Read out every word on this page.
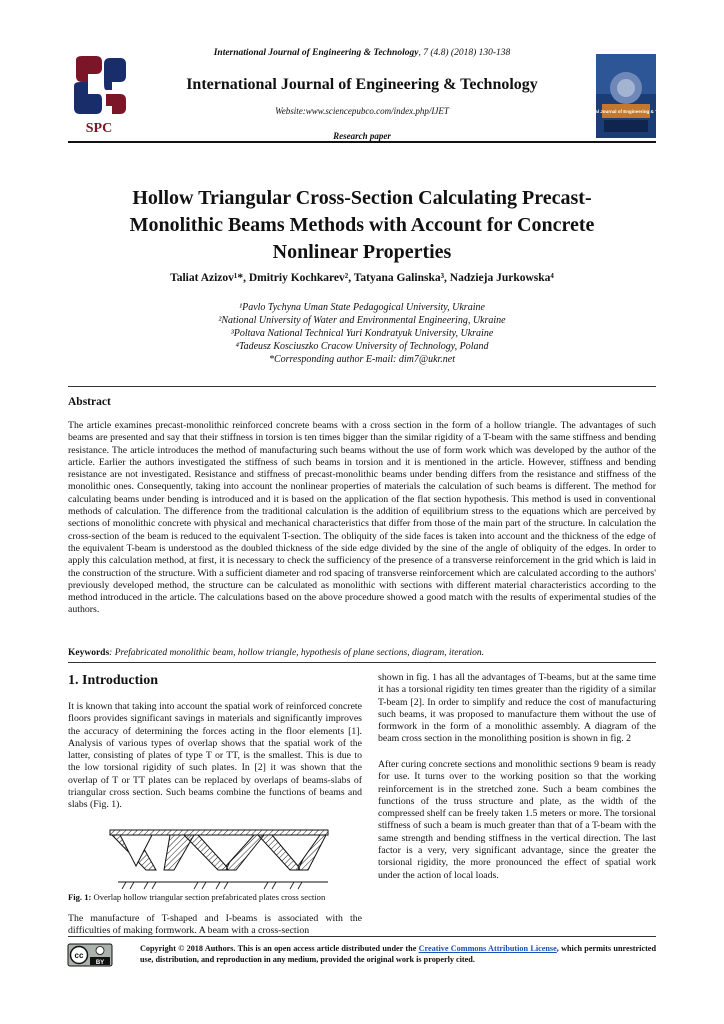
International Journal of Engineering & Technology, 7 (4.8) (2018) 130-138
SPC
International Journal of Engineering & Technology
Website:www.sciencepubco.com/index.php/IJET
Research paper
International Journal of Engineering & Technology
Hollow Triangular Cross-Section Calculating Precast-Monolithic Beams Methods with Account for Concrete Nonlinear Properties
Taliat Azizov¹*, Dmitriy Kochkarev², Tatyana Galinska³, Nadzieja Jurkowska⁴
¹Pavlo Tychyna Uman State Pedagogical University, Ukraine
²National University of Water and Environmental Engineering, Ukraine
³Poltava National Technical Yuri Kondratyuk University, Ukraine
⁴Tadeusz Kosciuszko Cracow University of Technology, Poland
*Corresponding author E-mail: dim7@ukr.net
Abstract
The article examines precast-monolithic reinforced concrete beams with a cross section in the form of a hollow triangle. The advantages of such beams are presented and say that their stiffness in torsion is ten times bigger than the similar rigidity of a T-beam with the same stiffness and bending resistance. The article introduces the method of manufacturing such beams without the use of form work which was developed by the author of the article. Earlier the authors investigated the stiffness of such beams in torsion and it is mentioned in the article. However, stiffness and bending resistance are not investigated. Resistance and stiffness of precast-monolithic beams under bending differs from the resistance and stiffness of the monolithic ones. Consequently, taking into account the nonlinear properties of materials the calculation of such beams is different. The method for calculating beams under bending is introduced and it is based on the application of the flat section hypothesis. This method is used in conventional methods of calculation. The difference from the traditional calculation is the addition of equilibrium stress to the equations which are perceived by sections of monolithic concrete with physical and mechanical characteristics that differ from those of the main part of the structure. In calculation the cross-section of the beam is reduced to the equivalent T-section. The obliquity of the side faces is taken into account and the thickness of the edge of the equivalent T-beam is understood as the doubled thickness of the side edge divided by the sine of the angle of obliquity of the edges. In order to apply this calculation method, at first, it is necessary to check the sufficiency of the presence of a transverse reinforcement in the grid which is laid in the construction of the structure. With a sufficient diameter and rod spacing of transverse reinforcement which are calculated according to the authors' previously developed method, the structure can be calculated as monolithic with sections with different material characteristics according to the method introduced in the article. The calculations based on the above procedure showed a good match with the results of experimental studies of the authors.
Keywords: Prefabricated monolithic beam, hollow triangle, hypothesis of plane sections, diagram, iteration.
1. Introduction
It is known that taking into account the spatial work of reinforced concrete floors provides significant savings in materials and significantly improves the accuracy of determining the forces acting in the floor elements [1]. Analysis of various types of overlap shows that the spatial work of the latter, consisting of plates of type T or TT, is the smallest. This is due to the low torsional rigidity of such plates. In [2] it was shown that the overlap of T or TT plates can be replaced by overlaps of beams-slabs of triangular cross section. Such beams combine the functions of beams and slabs (Fig. 1).
Fig. 1: Overlap hollow triangular section prefabricated plates cross section
The manufacture of T-shaped and I-beams is associated with the difficulties of making formwork. A beam with a cross-section
shown in fig. 1 has all the advantages of T-beams, but at the same time it has a torsional rigidity ten times greater than the rigidity of a similar T-beam [2]. In order to simplify and reduce the cost of manufacturing such beams, it was proposed to manufacture them without the use of formwork in the form of a monolithic assembly. A diagram of the beam cross section in the monolithing position is shown in fig. 2
After curing concrete sections and monolithic sections 9 beam is ready for use. It turns over to the working position so that the working reinforcement is in the stretched zone. Such a beam combines the functions of the truss structure and plate, as the width of the compressed shelf can be freely taken 1.5 meters or more. The torsional stiffness of such a beam is much greater than that of a T-beam with the same strength and bending stiffness in the vertical direction. The last factor is a very, very significant advantage, since the greater the torsional rigidity, the more pronounced the effect of spatial work under the action of local loads.
cc
BY
Copyright © 2018 Authors. This is an open access article distributed under the Creative Commons Attribution License, which permits unrestricted use, distribution, and reproduction in any medium, provided the original work is properly cited.
